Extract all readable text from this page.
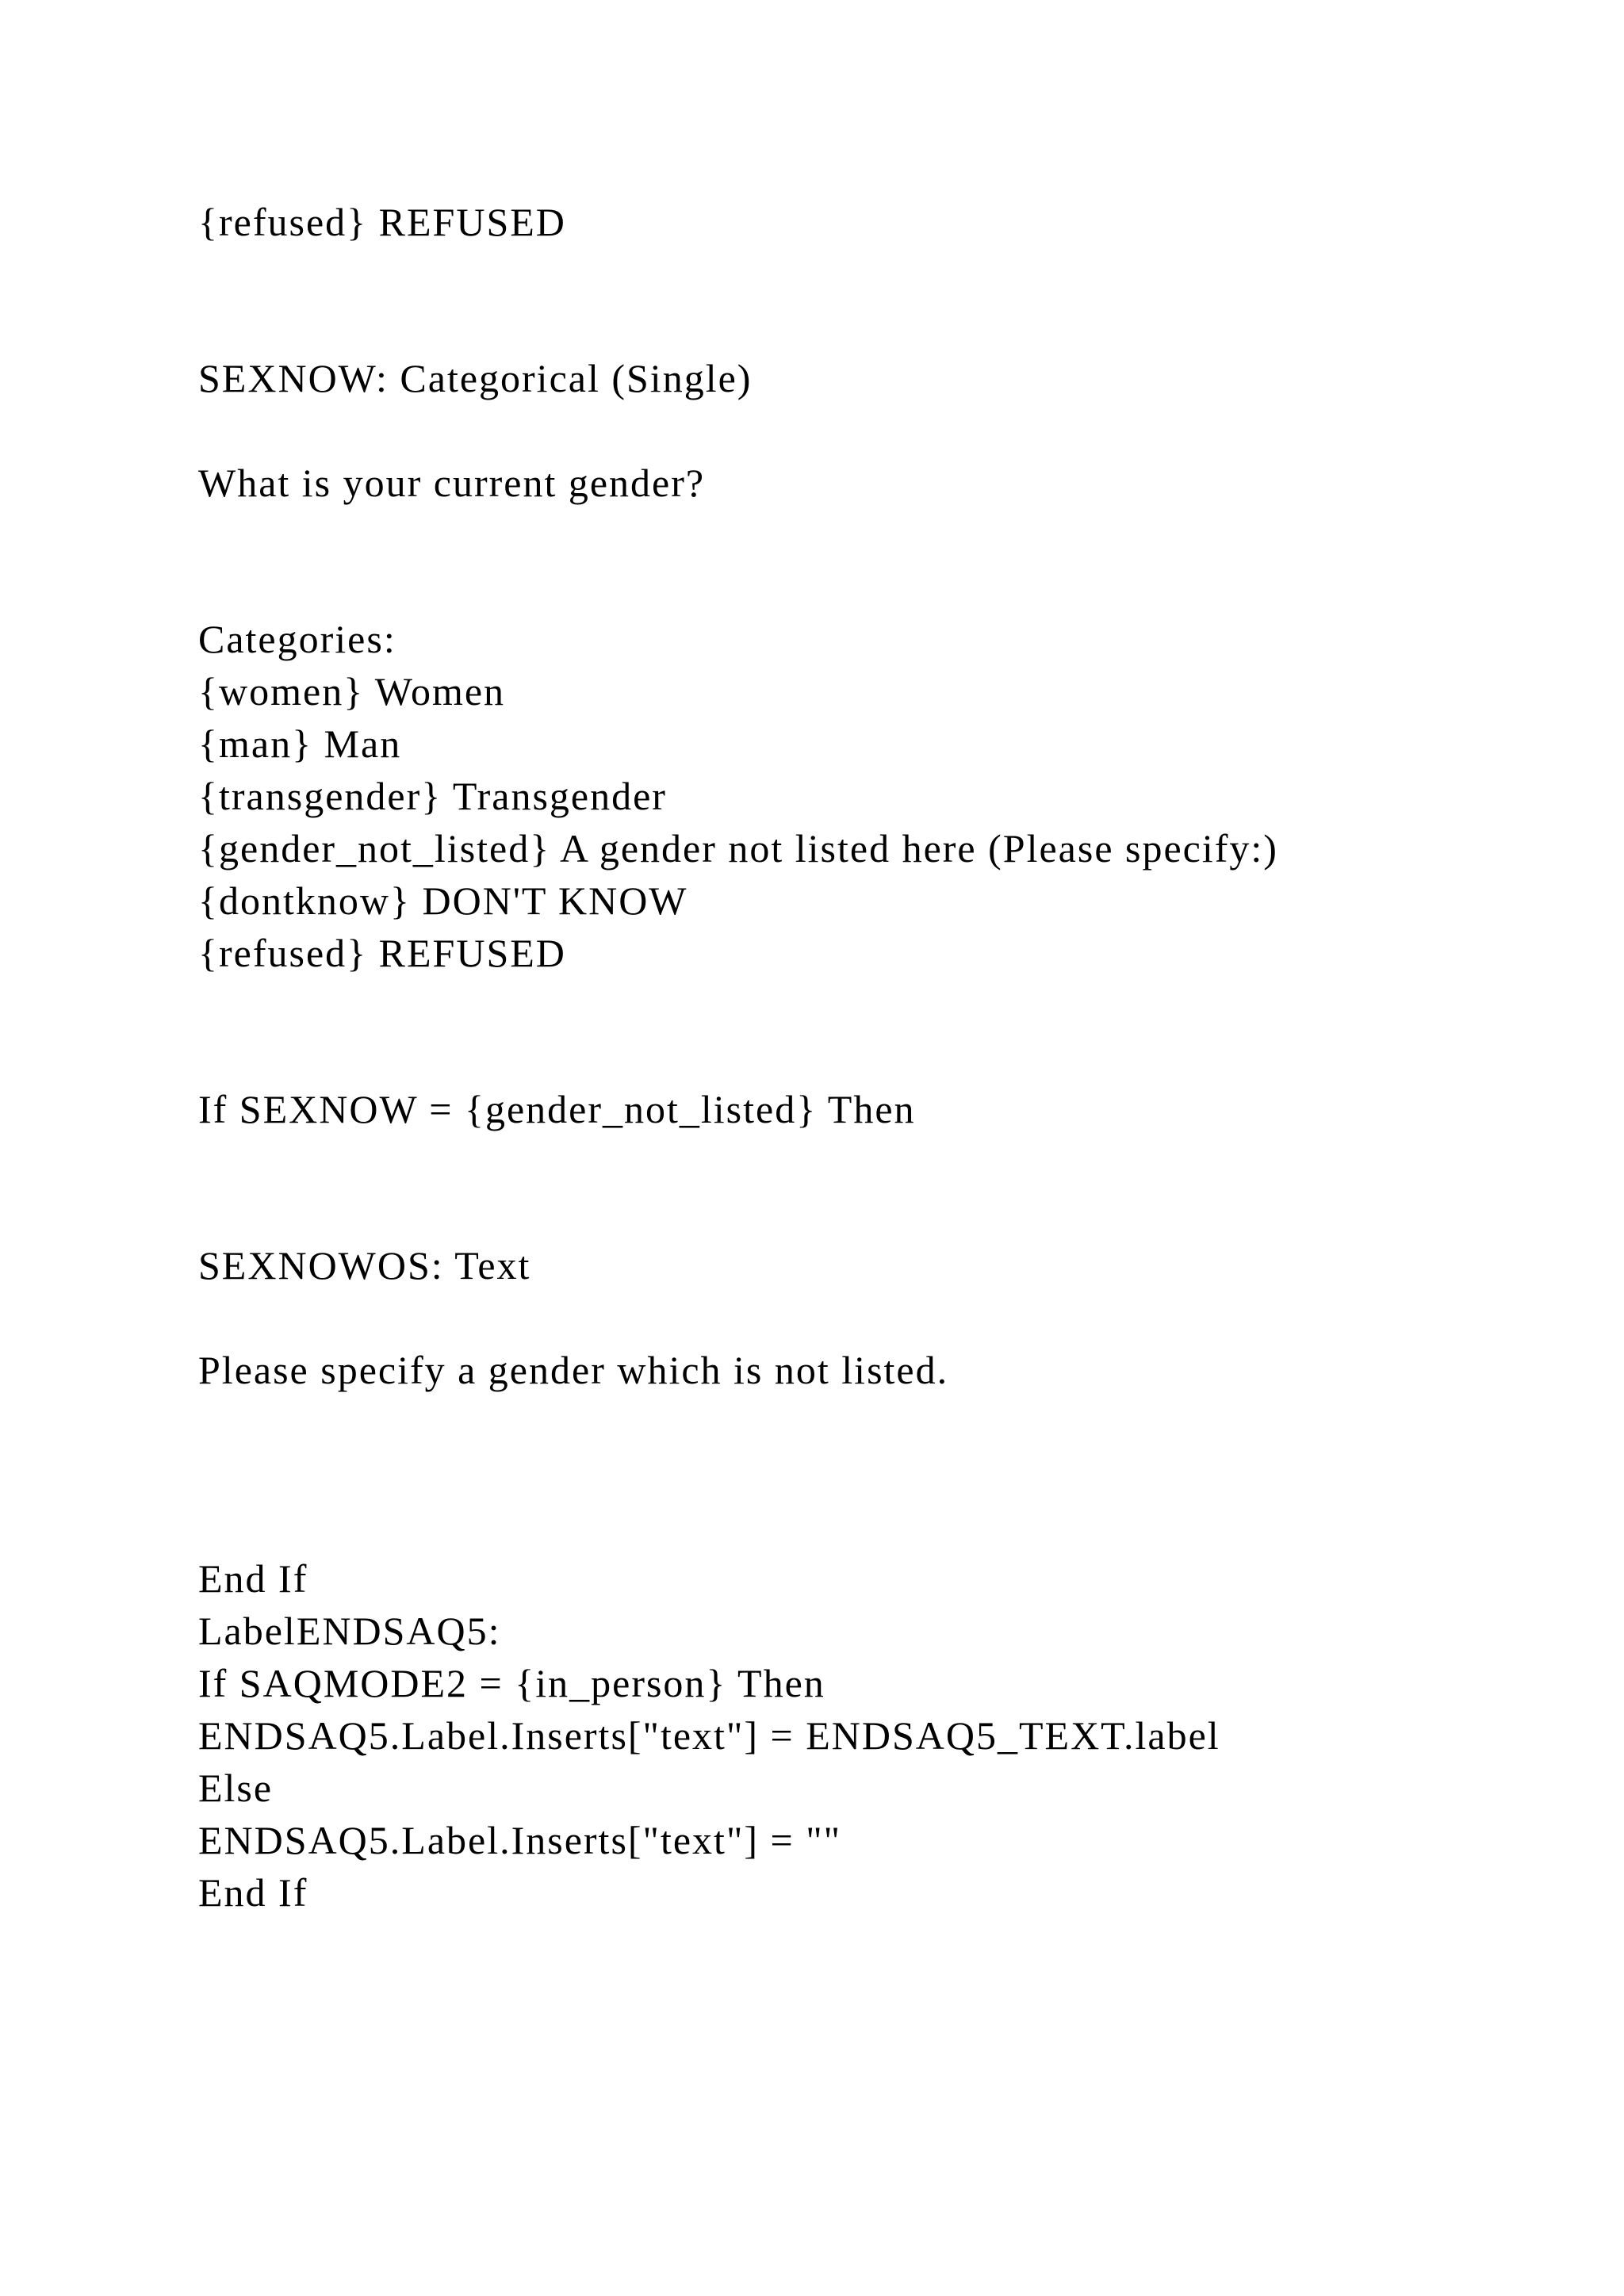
{refused} REFUSED
SEXNOW: Categorical (Single)
What is your current gender?
Categories:
{women} Women
{man} Man
{transgender} Transgender
{gender_not_listed} A gender not listed here (Please specify:)
{dontknow} DON'T KNOW
{refused} REFUSED
If SEXNOW = {gender_not_listed} Then
SEXNOWOS: Text
Please specify a gender which is not listed.
End If
LabelENDSAQ5:
If SAQMODE2 = {in_person} Then
ENDSAQ5.Label.Inserts["text"] = ENDSAQ5_TEXT.label
Else
ENDSAQ5.Label.Inserts["text"] = ""
End If
